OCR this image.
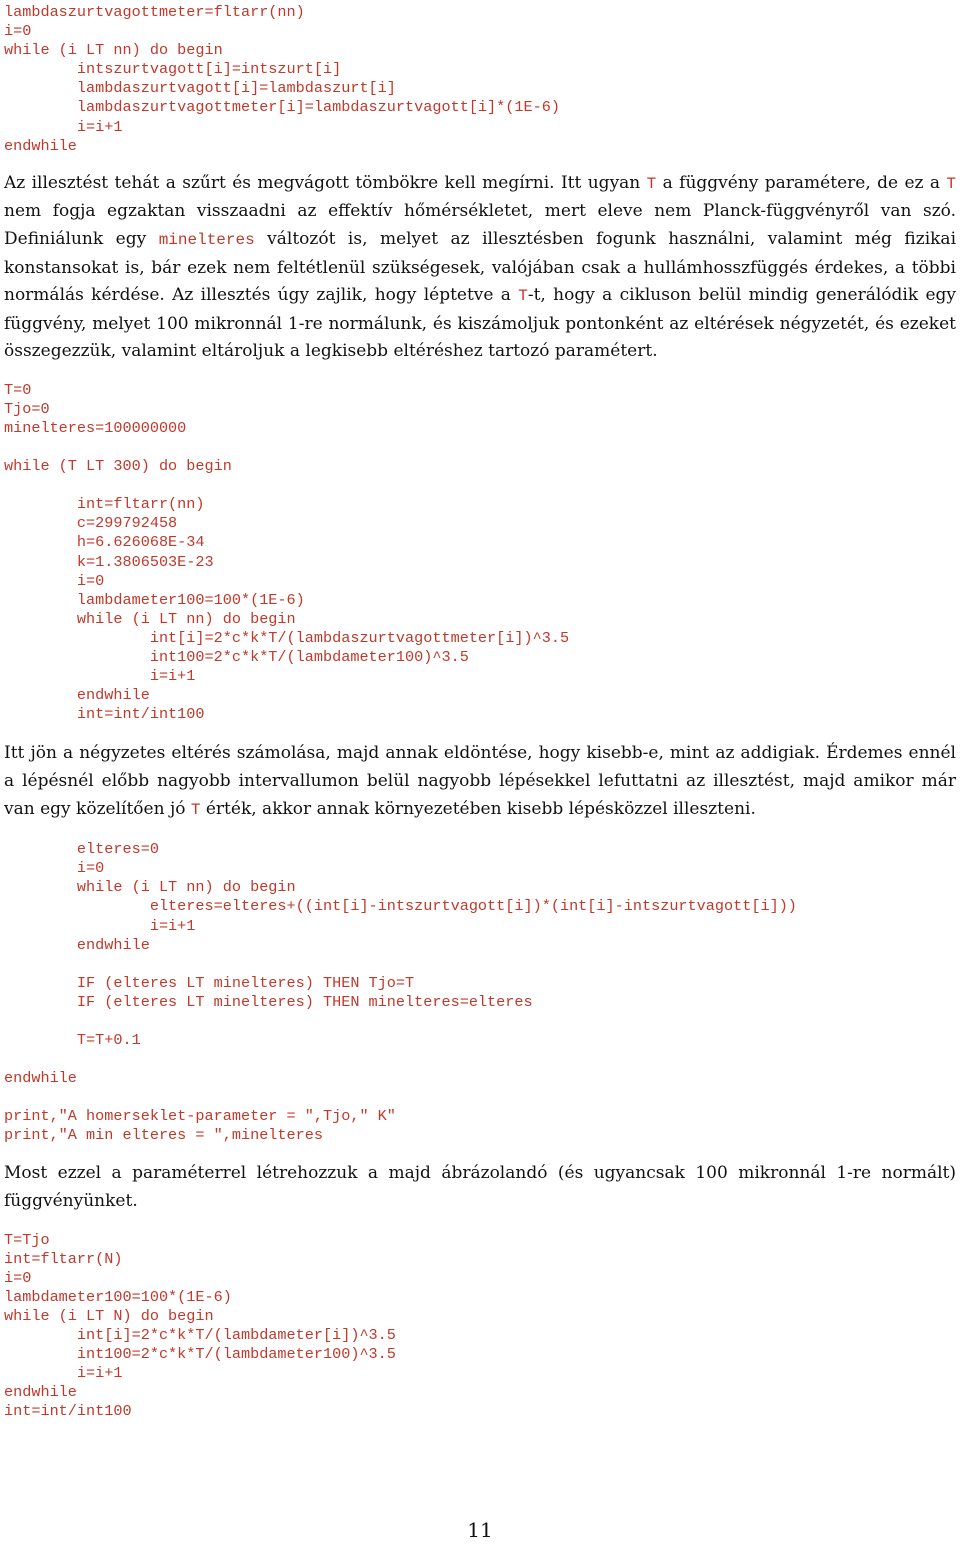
lambdaszurtvagottmeter=fltarr(nn)
i=0
while (i LT nn) do begin
intszurtvagott[i]=intszurt[i]
lambdaszurtvagott[i]=lambdaszurt[i]
lambdaszurtvagottmeter[i]=lambdaszurtvagott[i]*(1E-6)
i=i+1
endwhile

Az illesztést tehát a szűrt és megvágott tömbökre kell megírni. Itt ugyan T a függvény paramétere, de ez a T nem fogja egzaktan visszaadni az effektív hőmérsékletet, mert eleve nem Planck-függvényről van szó. Definiálunk egy minelteres változót is, melyet az illesztésben fogunk használni, valamint még fizikai konstansokat is, bár ezek nem feltétlenül szükségesek, valójában csak a hullámhosszfüggés érdekes, a többi normálás kérdése. Az illesztés úgy zajlik, hogy léptetve a T-t, hogy a cikluson belül mindig generálódik egy függvény, melyet 100 mikronnál 1-re normálunk, és kiszámoljuk pontonként az eltérések négyzetét, és ezeket összegezzük, valamint eltároljuk a legkisebb eltéréshez tartozó paramétert.

T=0
Tjo=0
minelteres=100000000
while (T LT 300) do begin
int=fltarr(nn)
c=299792458
h=6.626068E-34
k=1.3806503E-23
i=0
lambdameter100=100*(1E-6)
while (i LT nn) do begin
int[i]=2*c*k*T/(lambdaszurtvagottmeter[i])^3.5
int100=2*c*k*T/(lambdameter100)^3.5
i=i+1
endwhile
int=int/int100

Itt jön a négyzetes eltérés számolása, majd annak eldöntése, hogy kisebb-e, mint az addigiak. Érdemes ennél a lépésnél előbb nagyobb intervallumon belül nagyobb lépésekkel lefuttatni az illesztést, majd amikor már van egy közelítően jó T érték, akkor annak környezetében kisebb lépésközzel illeszteni.

elteres=0
i=0
while (i LT nn) do begin
elteres=elteres+((int[i]-intszurtvagott[i])*(int[i]-intszurtvagott[i]))
i=i+1
endwhile
IF (elteres LT minelteres) THEN Tjo=T
IF (elteres LT minelteres) THEN minelteres=elteres
T=T+0.1
endwhile
print,"A homerseklet-parameter = ",Tjo," K"
print,"A min elteres = ",minelteres

Most ezzel a paraméterrel létrehozzuk a majd ábrázolandó (és ugyancsak 100 mikronnál 1-re normált) függvényünket.

T=Tjo
int=fltarr(N)
i=0
lambdameter100=100*(1E-6)
while (i LT N) do begin
int[i]=2*c*k*T/(lambdameter[i])^3.5
int100=2*c*k*T/(lambdameter100)^3.5
i=i+1
endwhile
int=int/int100
11
